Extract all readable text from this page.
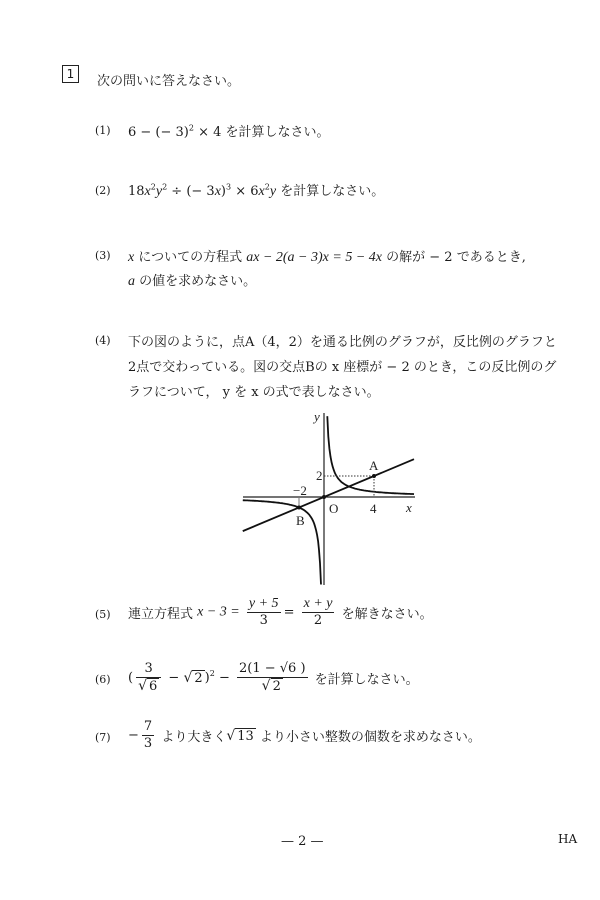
1	次の問いに答えなさい。
(1) 6 − (− 3)$^2$ × 4 を計算しなさい。
(2) $18x^2y^2$ ÷ (− $3x)^3 \times 6x^2y$ を計算しなさい。
(3) x についての方程式 ax − 2(a − 3)x = 5 − 4x の解が − 2 であるとき,
a の値を求めなさい。
(4) 下の図のように，点A（4，2）を通る比例のグラフが，反比例のグラフと
2点で交わっている。図の交点Bの x 座標が − 2 のとき，この反比例のグ
ラフについて， y を x の式で表しなさい。
y
x
O
A
B
4
−2
2
(5) 連立方程式 $x - 3 = \frac{y + 5}{3} = \frac{x + y}{2}$ を解きなさい。
(6) ( $\frac{3}{√ 6}$ − √ 2 )$^2 - \frac{2(1 - √6 )}{√ 2}$ を計算しなさい。
$(7) - \frac{7}{3}$ より大きく√ 13 より小さい整数の個数を求めなさい。
— 2 —	HA
